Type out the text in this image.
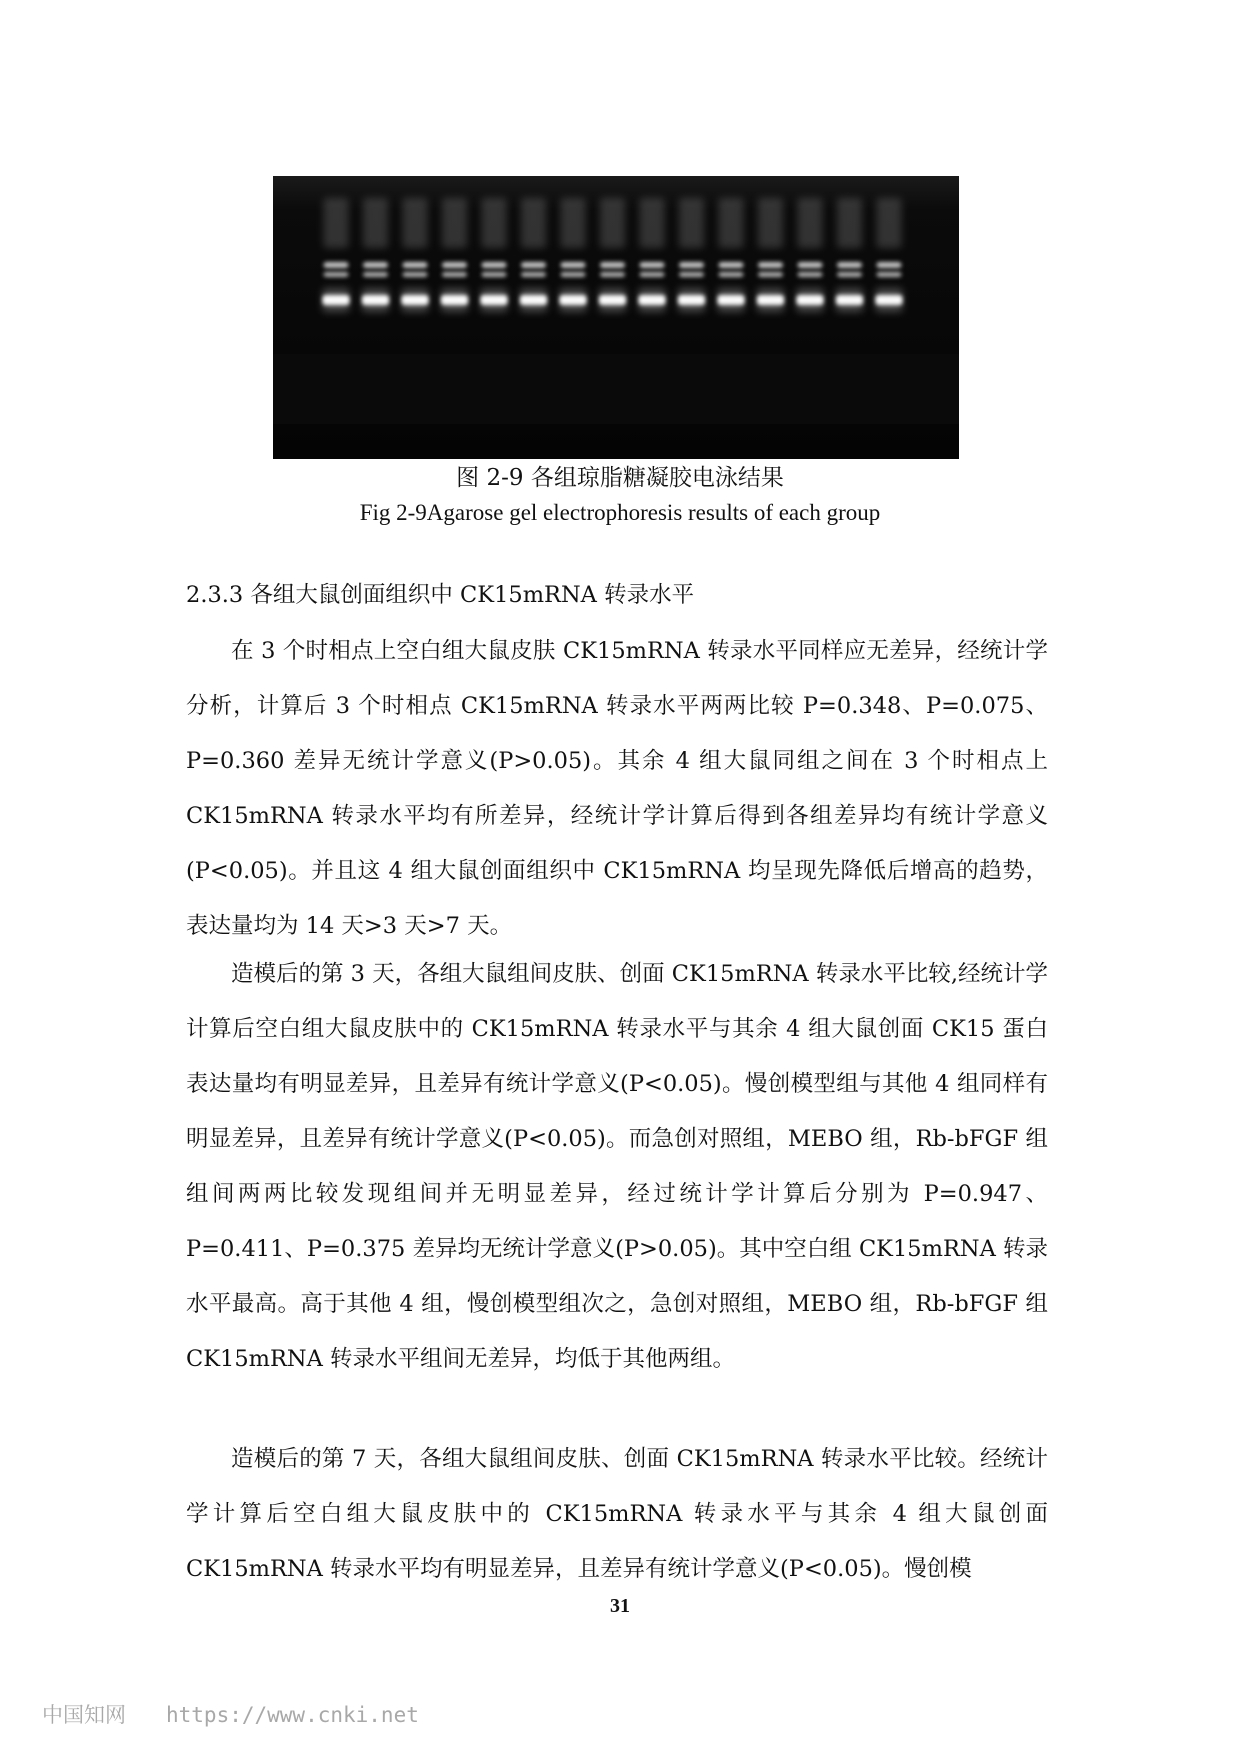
图 2-9 各组琼脂糖凝胶电泳结果
Fig 2-9Agarose gel electrophoresis results of each group
2.3.3 各组大鼠创面组织中 CK15mRNA 转录水平

在 3 个时相点上空白组大鼠皮肤 CK15mRNA 转录水平同样应无差异，经统计学分析，计算后 3 个时相点 CK15mRNA 转录水平两两比较 P=0.348、P=0.075、P=0.360 差异无统计学意义(P>0.05)。其余 4 组大鼠同组之间在 3 个时相点上 CK15mRNA 转录水平均有所差异，经统计学计算后得到各组差异均有统计学意义(P<0.05)。并且这 4 组大鼠创面组织中 CK15mRNA 均呈现先降低后增高的趋势，表达量均为 14 天>3 天>7 天。

造模后的第 3 天，各组大鼠组间皮肤、创面 CK15mRNA 转录水平比较,经统计学计算后空白组大鼠皮肤中的 CK15mRNA 转录水平与其余 4 组大鼠创面 CK15 蛋白表达量均有明显差异，且差异有统计学意义(P<0.05)。慢创模型组与其他 4 组同样有明显差异，且差异有统计学意义(P<0.05)。而急创对照组，MEBO 组，Rb-bFGF 组组间两两比较发现组间并无明显差异，经过统计学计算后分别为 P=0.947、P=0.411、P=0.375 差异均无统计学意义(P>0.05)。其中空白组 CK15mRNA 转录水平最高。高于其他 4 组，慢创模型组次之，急创对照组，MEBO 组，Rb-bFGF 组 CK15mRNA 转录水平组间无差异，均低于其他两组。

造模后的第 7 天，各组大鼠组间皮肤、创面 CK15mRNA 转录水平比较。经统计学计算后空白组大鼠皮肤中的 CK15mRNA 转录水平与其余 4 组大鼠创面 CK15mRNA 转录水平均有明显差异，且差异有统计学意义(P<0.05)。慢创模

31
中国知网 https://www.cnki.net
